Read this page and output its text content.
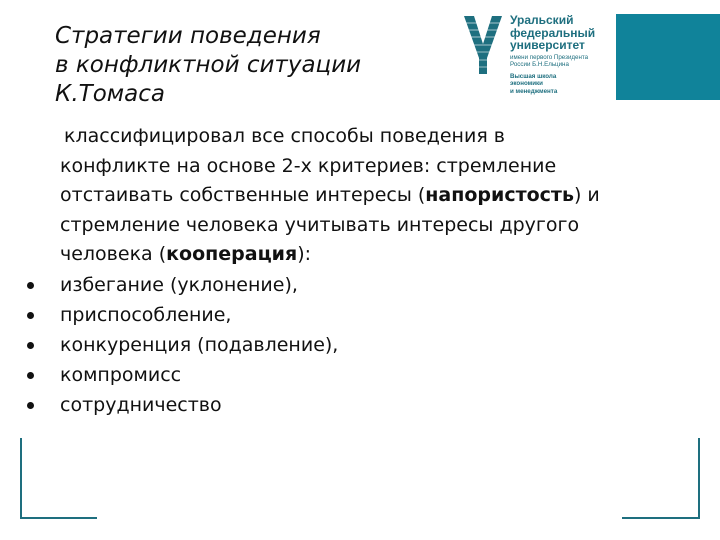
Стратегии поведения
в конфликтной ситуации
К.Томаса
Уральский
федеральный
университет
имени первого Президента
России Б.Н.Ельцина
Высшая школа
экономики
и менеджмента
классифицировал все способы поведения в
конфликте на основе 2-х критериев: стремление
отстаивать собственные интересы (напористость) и
стремление человека учитывать интересы другого
человека (кооперация):
избегание (уклонение),
приспособление,
конкуренция (подавление),
компромисс
сотрудничество
